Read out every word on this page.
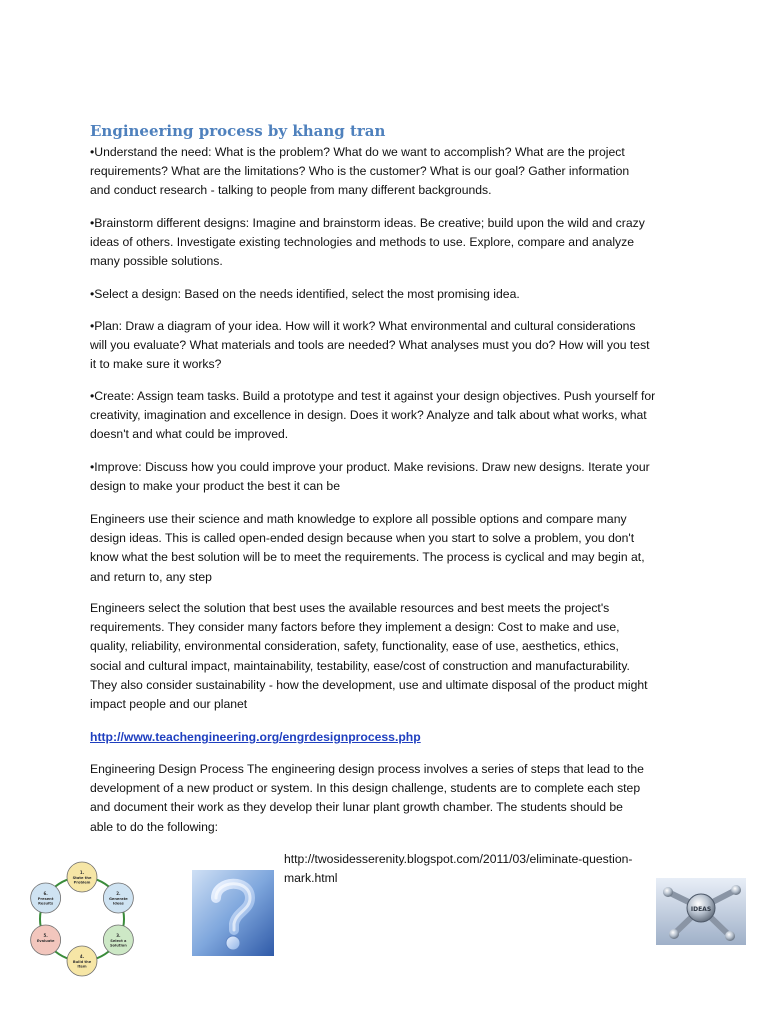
Engineering process by khang tran
•Understand the need: What is the problem? What do we want to accomplish? What are the project
requirements? What are the limitations? Who is the customer? What is our goal? Gather information
and conduct research - talking to people from many different backgrounds.
•Brainstorm different designs: Imagine and brainstorm ideas. Be creative; build upon the wild and crazy
ideas of others. Investigate existing technologies and methods to use. Explore, compare and analyze
many possible solutions.
•Select a design: Based on the needs identified, select the most promising idea.
•Plan: Draw a diagram of your idea. How will it work? What environmental and cultural considerations
will you evaluate? What materials and tools are needed? What analyses must you do? How will you test
it to make sure it works?
•Create: Assign team tasks. Build a prototype and test it against your design objectives. Push yourself for
creativity, imagination and excellence in design. Does it work? Analyze and talk about what works, what
doesn't and what could be improved.
•Improve: Discuss how you could improve your product. Make revisions. Draw new designs. Iterate your
design to make your product the best it can be
Engineers use their science and math knowledge to explore all possible options and compare many
design ideas. This is called open-ended design because when you start to solve a problem, you don't
know what the best solution will be to meet the requirements. The process is cyclical and may begin at,
and return to, any step
Engineers select the solution that best uses the available resources and best meets the project's
requirements. They consider many factors before they implement a design: Cost to make and use,
quality, reliability, environmental consideration, safety, functionality, ease of use, aesthetics, ethics,
social and cultural impact, maintainability, testability, ease/cost of construction and manufacturability.
They also consider sustainability - how the development, use and ultimate disposal of the product might
impact people and our planet
http://www.teachengineering.org/engrdesignprocess.php
Engineering Design Process The engineering design process involves a series of steps that lead to the
development of a new product or system. In this design challenge, students are to complete each step
and document their work as they develop their lunar plant growth chamber. The students should be
able to do the following:
http://twosidesserenity.blogspot.com/2011/03/eliminate-question-
mark.html
1.
State the
Problem
2.
Generate
Ideas
3.
Select a
Solution
4.
Build the
Item
5.
Evaluate
6.
Present
Results
IDEAS
